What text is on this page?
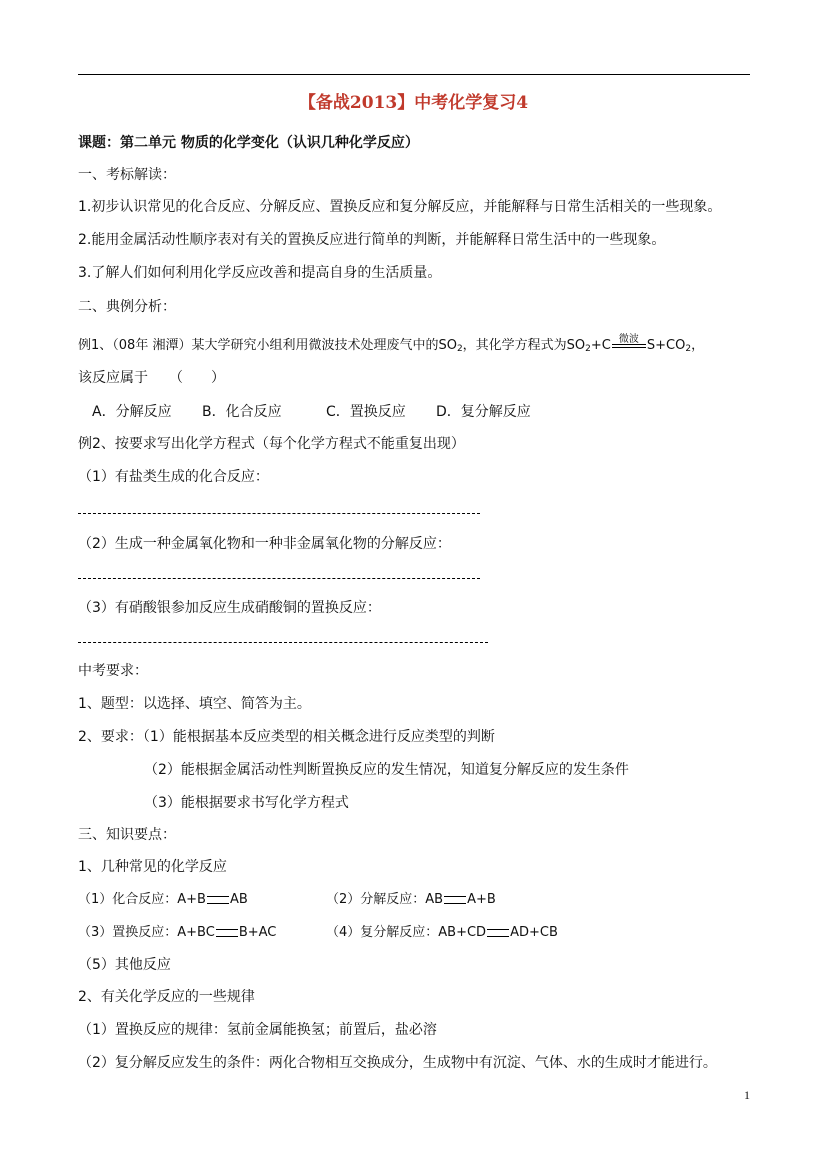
【备战2013】中考化学复习4
课题：第二单元 物质的化学变化（认识几种化学反应）
一、考标解读：
1.初步认识常见的化合反应、分解反应、置换反应和复分解反应，并能解释与日常生活相关的一些现象。
2.能用金属活动性顺序表对有关的置换反应进行简单的判断，并能解释日常生活中的一些现象。
3.了解人们如何利用化学反应改善和提高自身的生活质量。
二、典例分析：
例1、（08年 湘潭）某大学研究小组利用微波技术处理废气中的$SO_2$，其化学方程式为$SO_2+C$ 微波 $S+CO_2$，
该反应属于　　（　　）
A．分解反应 B．化合反应	C．置换反应 D．复分解反应
例2、按要求写出化学方程式（每个化学方程式不能重复出现）
（1）有盐类生成的化合反应：
（2）生成一种金属氧化物和一种非金属氧化物的分解反应：
（3）有硝酸银参加反应生成硝酸铜的置换反应：
中考要求：
1、题型：以选择、填空、简答为主。
2、要求：（1）能根据基本反应类型的相关概念进行反应类型的判断
（2）能根据金属活动性判断置换反应的发生情况，知道复分解反应的发生条件
（3）能根据要求书写化学方程式
三、知识要点：
1、几种常见的化学反应
（1）化合反应：A+B AB	（2）分解反应：AB A+B
（3）置换反应：A+BC B+AC	（4）复分解反应：AB+CD AD+CB
（5）其他反应
2、有关化学反应的一些规律
（1）置换反应的规律：氢前金属能换氢；前置后，盐必溶
（2）复分解反应发生的条件：两化合物相互交换成分，生成物中有沉淀、气体、水的生成时才能进行。
1
